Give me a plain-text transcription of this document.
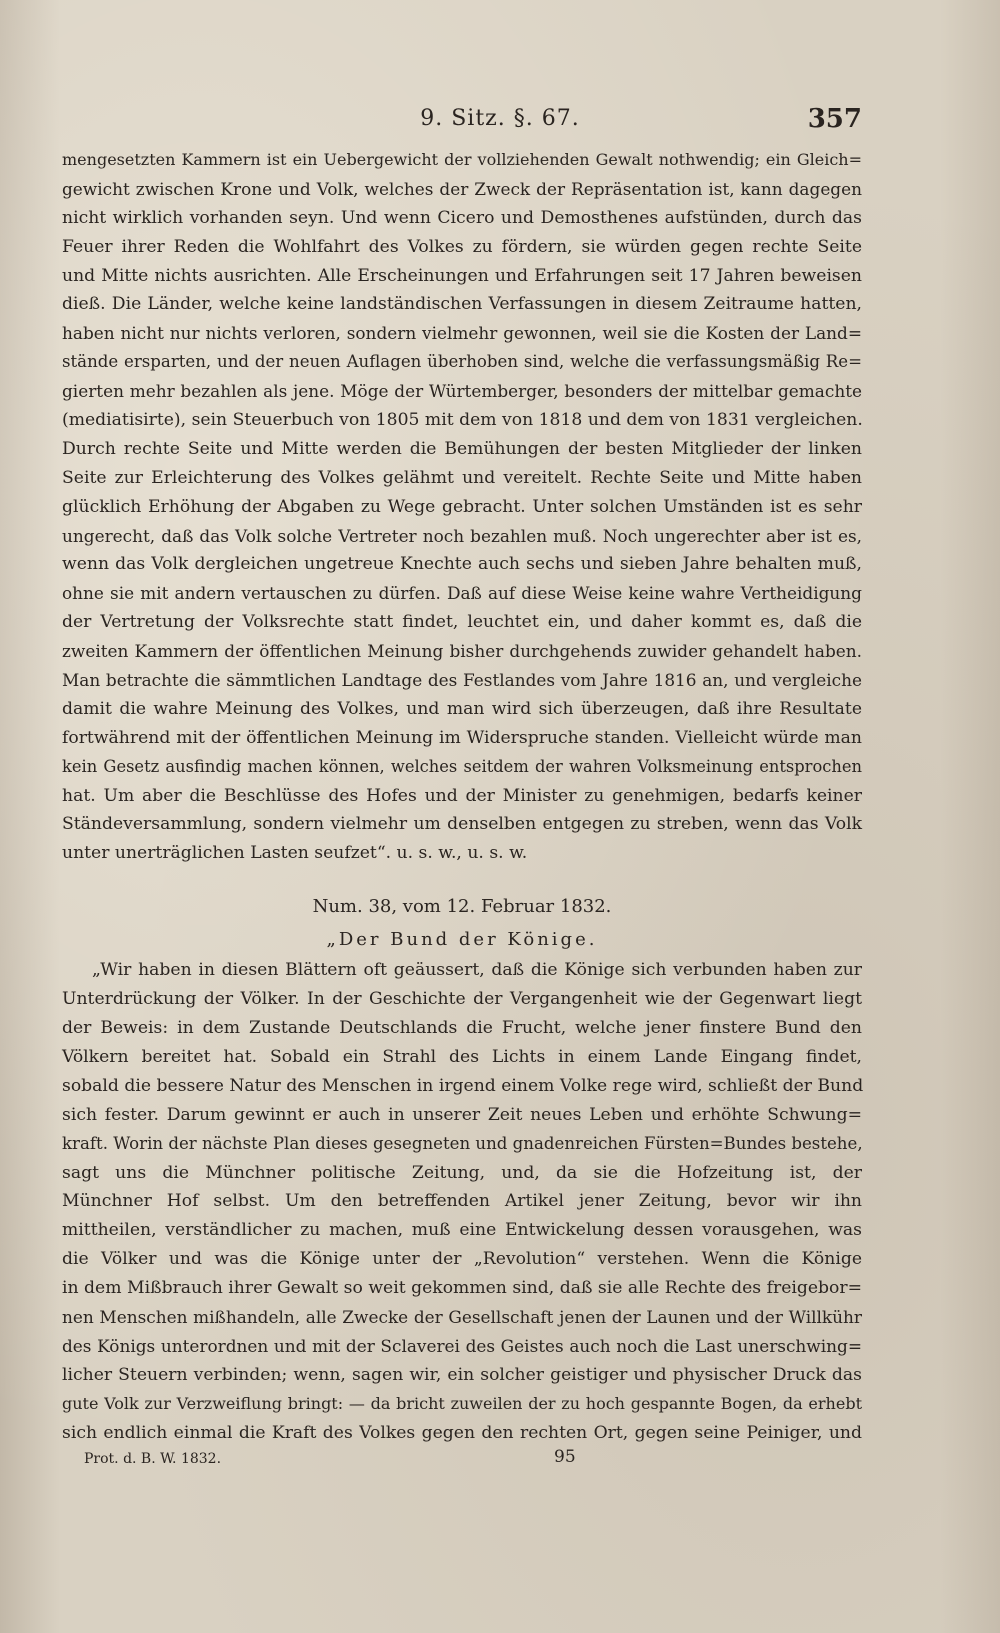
9. Sitz. §. 67.	357
mengesetzten Kammern ist ein Uebergewicht der vollziehenden Gewalt nothwendig; ein Gleich=
gewicht zwischen Krone und Volk, welches der Zweck der Repräsentation ist, kann dagegen
nicht wirklich vorhanden seyn. Und wenn Cicero und Demosthenes aufstünden, durch das
Feuer ihrer Reden die Wohlfahrt des Volkes zu fördern, sie würden gegen rechte Seite
und Mitte nichts ausrichten. Alle Erscheinungen und Erfahrungen seit 17 Jahren beweisen
dieß. Die Länder, welche keine landständischen Verfassungen in diesem Zeitraume hatten,
haben nicht nur nichts verloren, sondern vielmehr gewonnen, weil sie die Kosten der Land=
stände ersparten, und der neuen Auflagen überhoben sind, welche die verfassungsmäßig Re=
gierten mehr bezahlen als jene. Möge der Würtemberger, besonders der mittelbar gemachte
(mediatisirte), sein Steuerbuch von 1805 mit dem von 1818 und dem von 1831 vergleichen.
Durch rechte Seite und Mitte werden die Bemühungen der besten Mitglieder der linken
Seite zur Erleichterung des Volkes gelähmt und vereitelt. Rechte Seite und Mitte haben
glücklich Erhöhung der Abgaben zu Wege gebracht. Unter solchen Umständen ist es sehr
ungerecht, daß das Volk solche Vertreter noch bezahlen muß. Noch ungerechter aber ist es,
wenn das Volk dergleichen ungetreue Knechte auch sechs und sieben Jahre behalten muß,
ohne sie mit andern vertauschen zu dürfen. Daß auf diese Weise keine wahre Vertheidigung
der Vertretung der Volksrechte statt findet, leuchtet ein, und daher kommt es, daß die
zweiten Kammern der öffentlichen Meinung bisher durchgehends zuwider gehandelt haben.
Man betrachte die sämmtlichen Landtage des Festlandes vom Jahre 1816 an, und vergleiche
damit die wahre Meinung des Volkes, und man wird sich überzeugen, daß ihre Resultate
fortwährend mit der öffentlichen Meinung im Widerspruche standen. Vielleicht würde man
kein Gesetz ausfindig machen können, welches seitdem der wahren Volksmeinung entsprochen
hat. Um aber die Beschlüsse des Hofes und der Minister zu genehmigen, bedarfs keiner
Ständeversammlung, sondern vielmehr um denselben entgegen zu streben, wenn das Volk
unter unerträglichen Lasten seufzet“. u. s. w., u. s. w.
Num. 38, vom 12. Februar 1832.
„Der Bund der Könige.
„Wir haben in diesen Blättern oft geäussert, daß die Könige sich verbunden haben zur
Unterdrückung der Völker. In der Geschichte der Vergangenheit wie der Gegenwart liegt
der Beweis: in dem Zustande Deutschlands die Frucht, welche jener finstere Bund den
Völkern bereitet hat. Sobald ein Strahl des Lichts in einem Lande Eingang findet,
sobald die bessere Natur des Menschen in irgend einem Volke rege wird, schließt der Bund
sich fester. Darum gewinnt er auch in unserer Zeit neues Leben und erhöhte Schwung=
kraft. Worin der nächste Plan dieses gesegneten und gnadenreichen Fürsten=Bundes bestehe,
sagt uns die Münchner politische Zeitung, und, da sie die Hofzeitung ist, der
Münchner Hof selbst. Um den betreffenden Artikel jener Zeitung, bevor wir ihn
mittheilen, verständlicher zu machen, muß eine Entwickelung dessen vorausgehen, was
die Völker und was die Könige unter der „Revolution“ verstehen. Wenn die Könige
in dem Mißbrauch ihrer Gewalt so weit gekommen sind, daß sie alle Rechte des freigebor=
nen Menschen mißhandeln, alle Zwecke der Gesellschaft jenen der Launen und der Willkühr
des Königs unterordnen und mit der Sclaverei des Geistes auch noch die Last unerschwing=
licher Steuern verbinden; wenn, sagen wir, ein solcher geistiger und physischer Druck das
gute Volk zur Verzweiflung bringt: — da bricht zuweilen der zu hoch gespannte Bogen, da erhebt
sich endlich einmal die Kraft des Volkes gegen den rechten Ort, gegen seine Peiniger, und
Prot. d. B. W. 1832.	95
